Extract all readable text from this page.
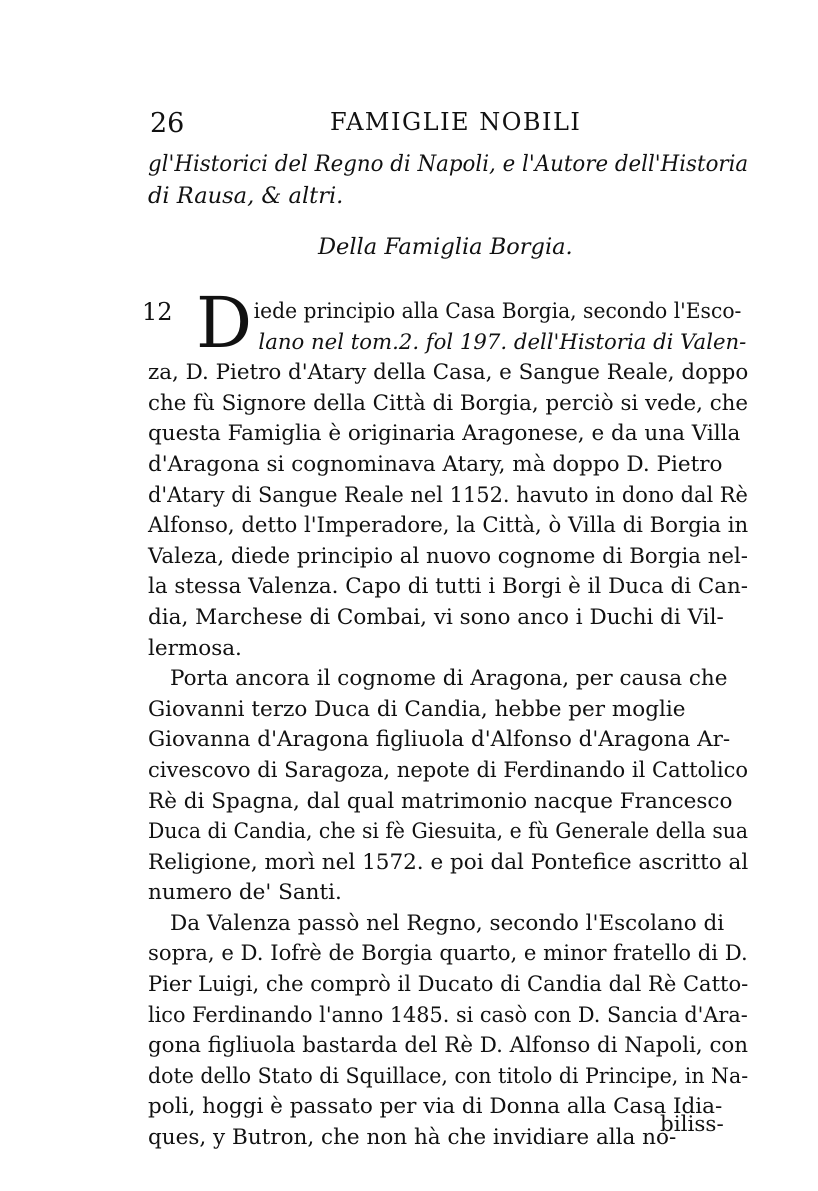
26	FAMIGLIE NOBILI
gl'Historici del Regno di Napoli, e l'Autore dell'Historia
di Rausa, & altri.
Della Famiglia Borgia.
12 D iede principio alla Casa Borgia, secondo l'Esco-
lano nel tom.2. fol 197. dell'Historia di Valen-
za, D. Pietro d'Atary della Casa, e Sangue Reale, doppo
che fù Signore della Città di Borgia, perciò si vede, che
questa Famiglia è originaria Aragonese, e da una Villa
d'Aragona si cognominava Atary, mà doppo D. Pietro
d'Atary di Sangue Reale nel 1152. havuto in dono dal Rè
Alfonso, detto l'Imperadore, la Città, ò Villa di Borgia in
Valeza, diede principio al nuovo cognome di Borgia nel-
la stessa Valenza. Capo di tutti i Borgi è il Duca di Can-
dia, Marchese di Combai, vi sono anco i Duchi di Vil-
lermosa.
Porta ancora il cognome di Aragona, per causa che
Giovanni terzo Duca di Candia, hebbe per moglie
Giovanna d'Aragona figliuola d'Alfonso d'Aragona Ar-
civescovo di Saragoza, nepote di Ferdinando il Cattolico
Rè di Spagna, dal qual matrimonio nacque Francesco
Duca di Candia, che si fè Giesuita, e fù Generale della sua
Religione, morì nel 1572. e poi dal Pontefice ascritto al
numero de' Santi.
Da Valenza passò nel Regno, secondo l'Escolano di
sopra, e D. Iofrè de Borgia quarto, e minor fratello di D.
Pier Luigi, che comprò il Ducato di Candia dal Rè Catto-
lico Ferdinando l'anno 1485. si casò con D. Sancia d'Ara-
gona figliuola bastarda del Rè D. Alfonso di Napoli, con
dote dello Stato di Squillace, con titolo di Principe, in Na-
poli, hoggi è passato per via di Donna alla Casa Idia-
ques, y Butron, che non hà che invidiare alla no-
biliss-
